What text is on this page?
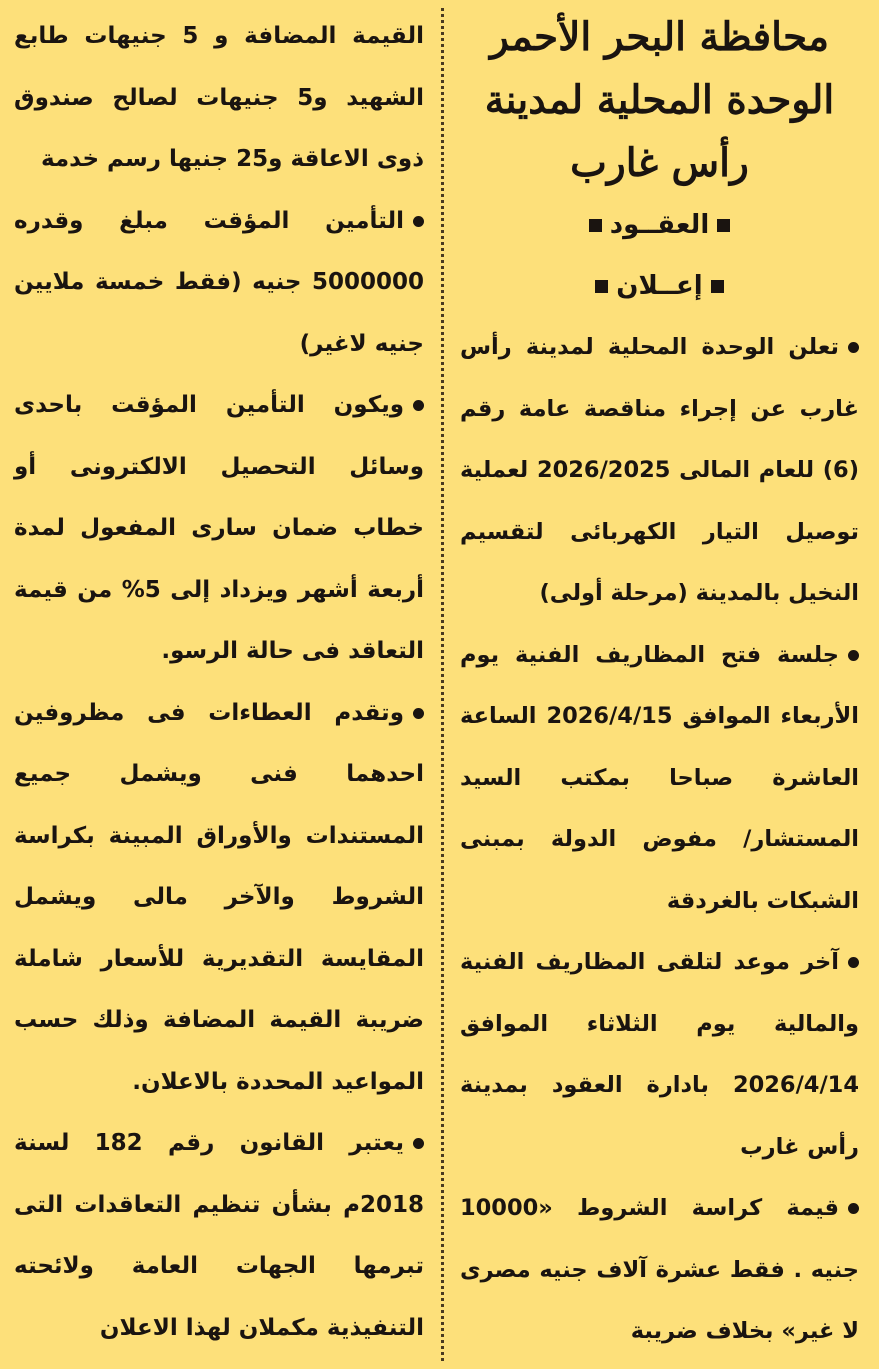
محافظة البحر الأحمر
الوحدة المحلية لمدينة
رأس غارب
العقــود
إعــلان

تعلن الوحدة المحلية لمدينة رأس غارب عن إجراء مناقصة عامة رقم (6) للعام المالى 2026/2025 لعملية توصيل التيار الكهربائى لتقسيم النخيل بالمدينة (مرحلة أولى)

جلسة فتح المظاريف الفنية يوم الأربعاء الموافق 2026/4/15 الساعة العاشرة صباحا بمكتب السيد المستشار/ مفوض الدولة بمبنى الشبكات بالغردقة

آخر موعد لتلقى المظاريف الفنية والمالية يوم الثلاثاء الموافق 2026/4/14 بادارة العقود بمدينة رأس غارب

قيمة كراسة الشروط «10000 جنيه . فقط عشرة آلاف جنيه مصرى لا غير» بخلاف ضريبة

القيمة المضافة و 5 جنيهات طابع الشهيد و5 جنيهات لصالح صندوق ذوى الاعاقة و25 جنيها رسم خدمة

التأمين المؤقت مبلغ وقدره 5000000 جنيه (فقط خمسة ملايين جنيه لاغير)

ويكون التأمين المؤقت باحدى وسائل التحصيل الالكترونى أو خطاب ضمان سارى المفعول لمدة أربعة أشهر ويزداد إلى 5% من قيمة التعاقد فى حالة الرسو.

وتقدم العطاءات فى مظروفين احدهما فنى ويشمل جميع المستندات والأوراق المبينة بكراسة الشروط والآخر مالى ويشمل المقايسة التقديرية للأسعار شاملة ضريبة القيمة المضافة وذلك حسب المواعيد المحددة بالاعلان.

يعتبر القانون رقم 182 لسنة 2018م بشأن تنظيم التعاقدات التى تبرمها الجهات العامة ولائحته التنفيذية مكملان لهذا الاعلان
